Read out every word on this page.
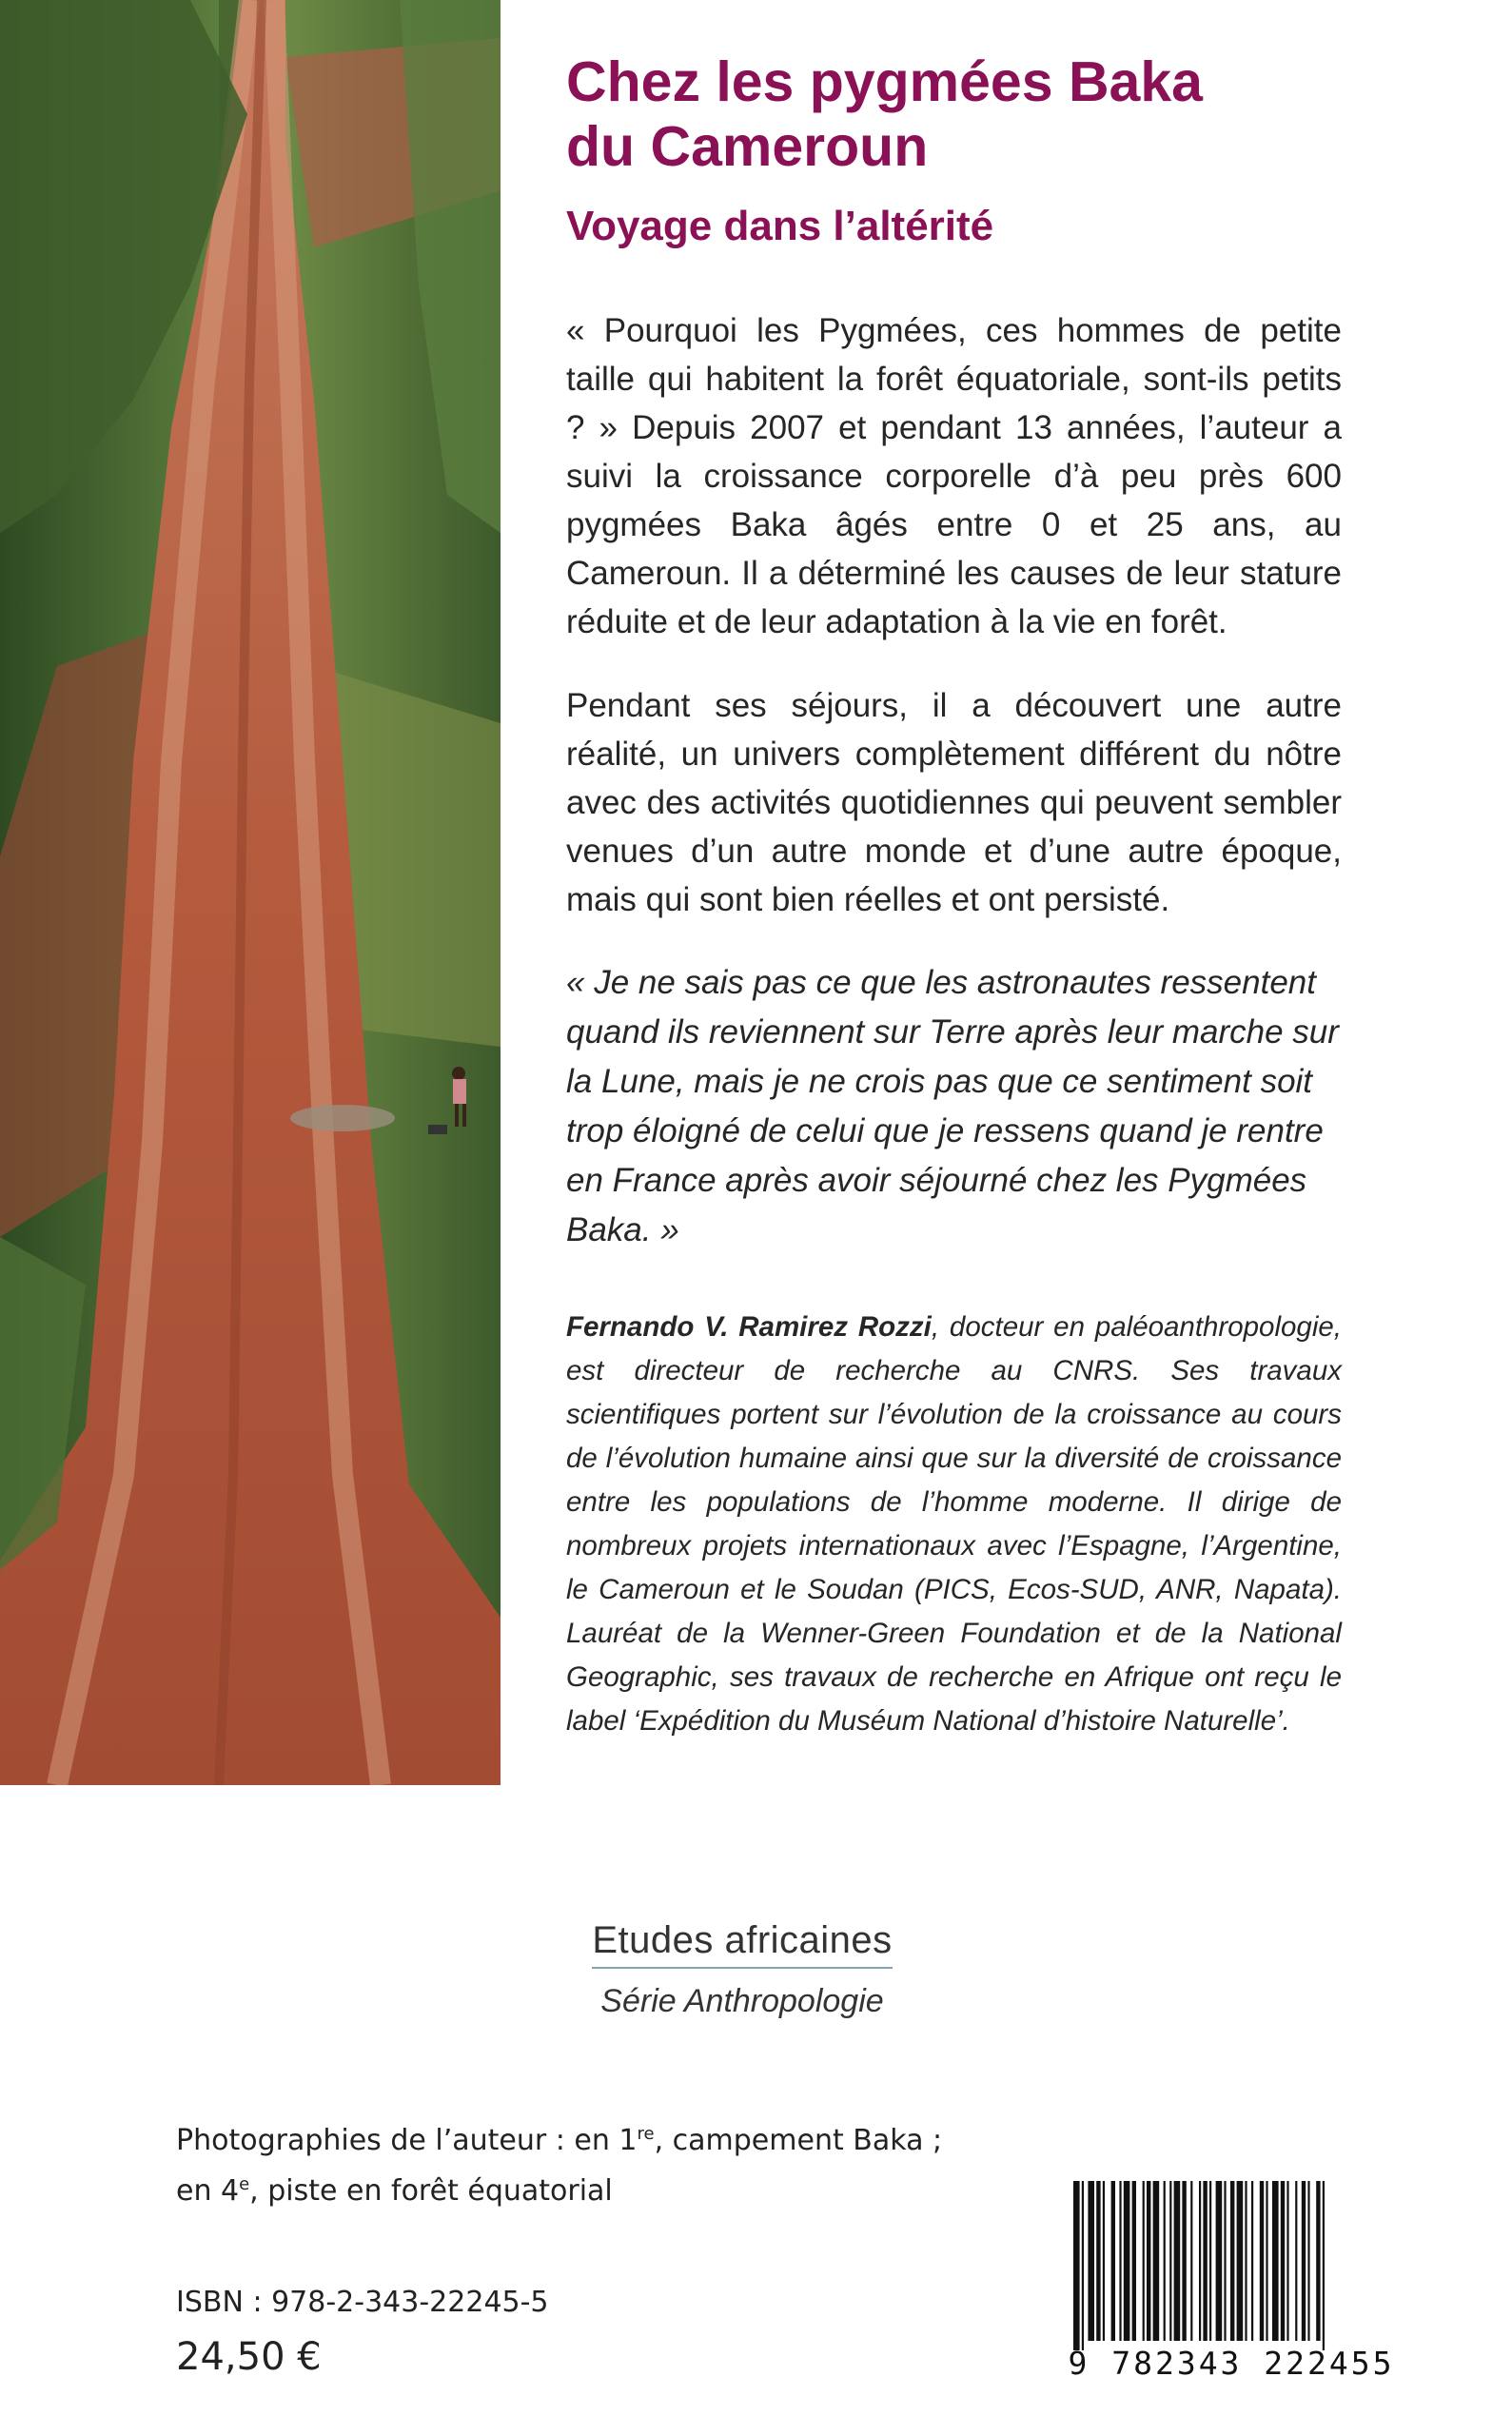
Chez les pygmées Baka du Cameroun
Voyage dans l’altérité

« Pourquoi les Pygmées, ces hommes de petite taille qui habitent la forêt équatoriale, sont-ils petits ? » Depuis 2007 et pendant 13 années, l’auteur a suivi la croissance corporelle d’à peu près 600 pygmées Baka âgés entre 0 et 25 ans, au Cameroun. Il a déterminé les causes de leur stature réduite et de leur adaptation à la vie en forêt.

Pendant ses séjours, il a découvert une autre réalité, un univers complètement différent du nôtre avec des activités quotidiennes qui peuvent sembler venues d’un autre monde et d’une autre époque, mais qui sont bien réelles et ont persisté.

« Je ne sais pas ce que les astronautes ressentent quand ils reviennent sur Terre après leur marche sur la Lune, mais je ne crois pas que ce sentiment soit trop éloigné de celui que je ressens quand je rentre en France après avoir séjourné chez les Pygmées Baka. »

Fernando V. Ramirez Rozzi, docteur en paléoanthropologie, est directeur de recherche au CNRS. Ses travaux scientifiques portent sur l’évolution de la croissance au cours de l’évolution humaine ainsi que sur la diversité de croissance entre les populations de l’homme moderne. Il dirige de nombreux projets internationaux avec l’Espagne, l’Argentine, le Cameroun et le Soudan (PICS, Ecos-SUD, ANR, Napata). Lauréat de la Wenner-Green Foundation et de la National Geographic, ses travaux de recherche en Afrique ont reçu le label ‘Expédition du Muséum National d’histoire Naturelle’.

Etudes africaines
Série Anthropologie
Photographies de l’auteur : en 1re, campement Baka ;
en 4e, piste en forêt équatorial
ISBN : 978-2-343-22245-5
24,50 €	9 782343 222455
